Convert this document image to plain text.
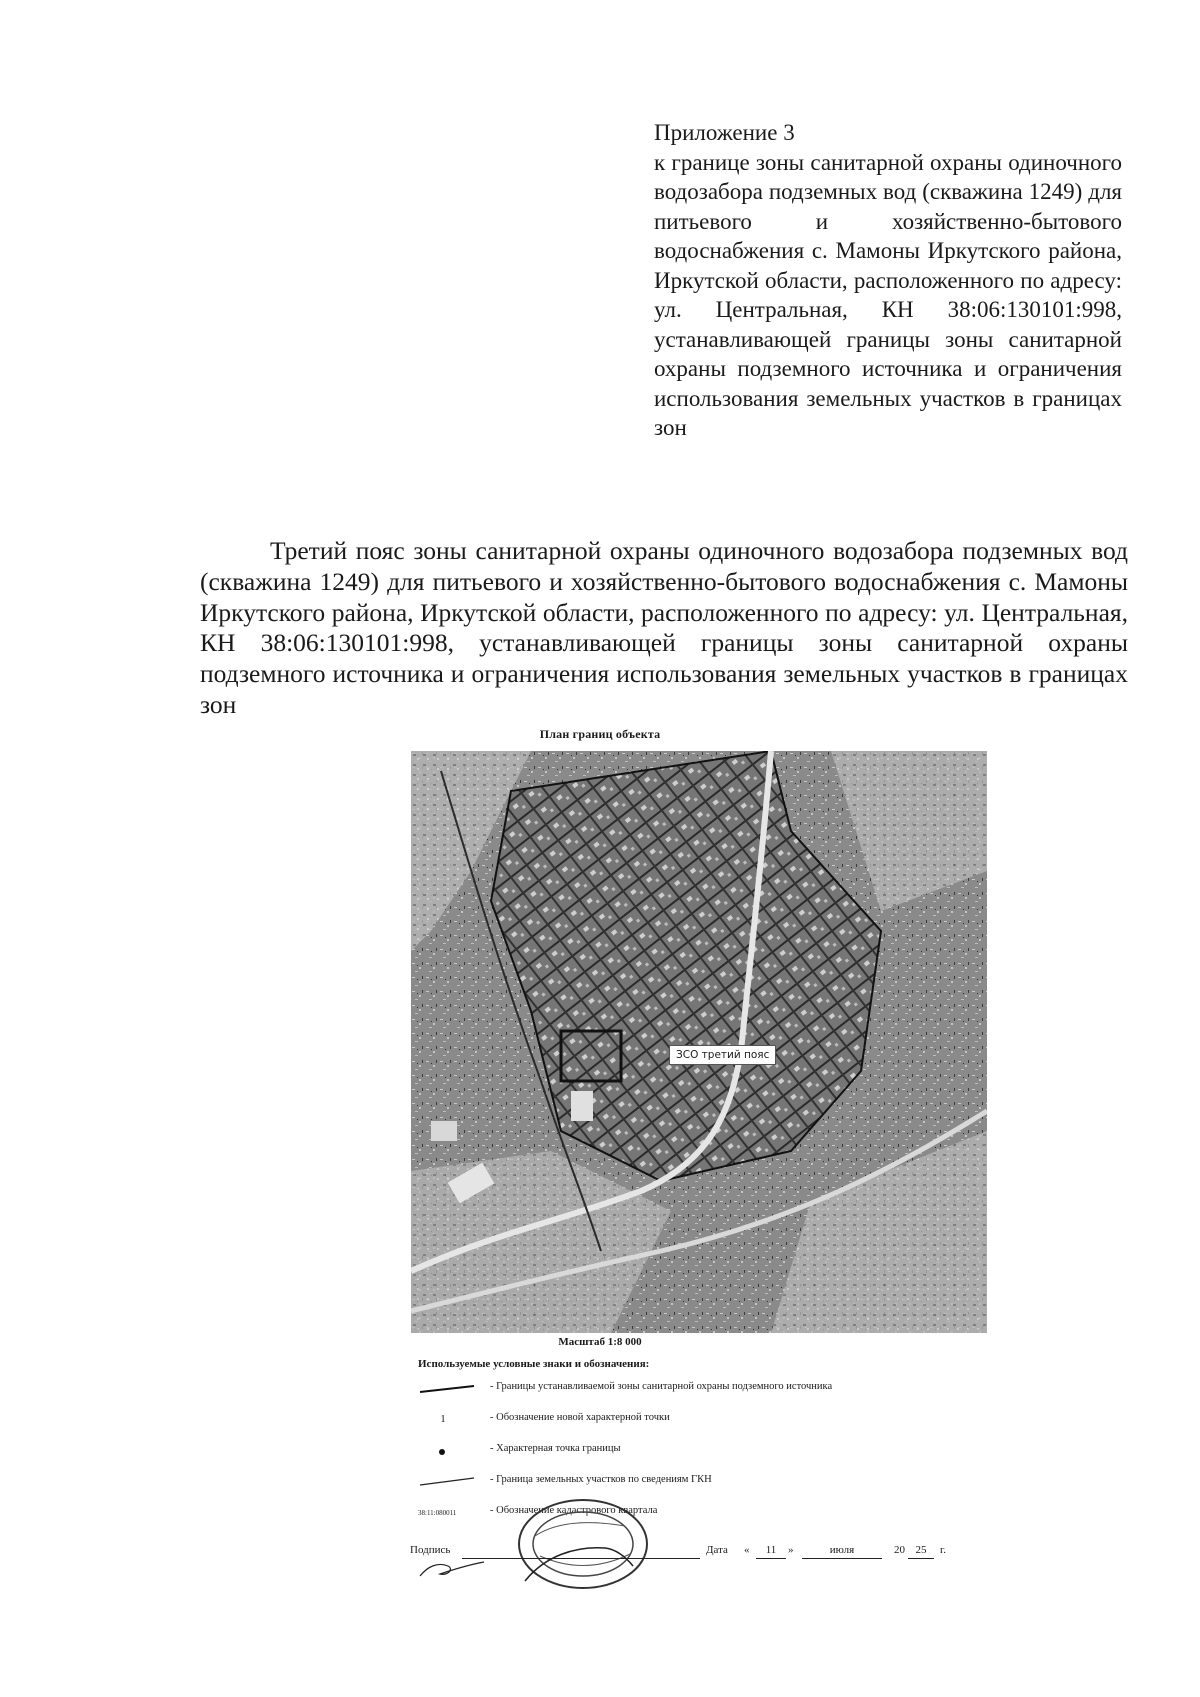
Приложение 3
к границе зоны санитарной охраны одиночного водозабора подземных вод (скважина 1249) для питьевого и хозяйственно-бытового водоснабжения с. Мамоны Иркутского района, Иркутской области, расположенного по адресу: ул. Центральная, КН 38:06:130101:998, устанавливающей границы зоны санитарной охраны подземного источника и ограничения использования земельных участков в границах зон
Третий пояс зоны санитарной охраны одиночного водозабора подземных вод (скважина 1249) для питьевого и хозяйственно-бытового водоснабжения с. Мамоны Иркутского района, Иркутской области, расположенного по адресу: ул. Центральная, КН 38:06:130101:998, устанавливающей границы зоны санитарной охраны подземного источника и ограничения использования земельных участков в границах зон
План границ объекта
ЗСО третий пояс
Масштаб 1:8 000
Используемые условные знаки и обозначения:
- Границы устанавливаемой зоны санитарной охраны подземного источника
1	- Обозначение новой характерной точки
- Характерная точка границы
- Граница земельных участков по сведениям ГКН
38:11:080011	- Обозначение кадастрового квартала
Подпись	Дата «	11	»	июля	20 25	г.
